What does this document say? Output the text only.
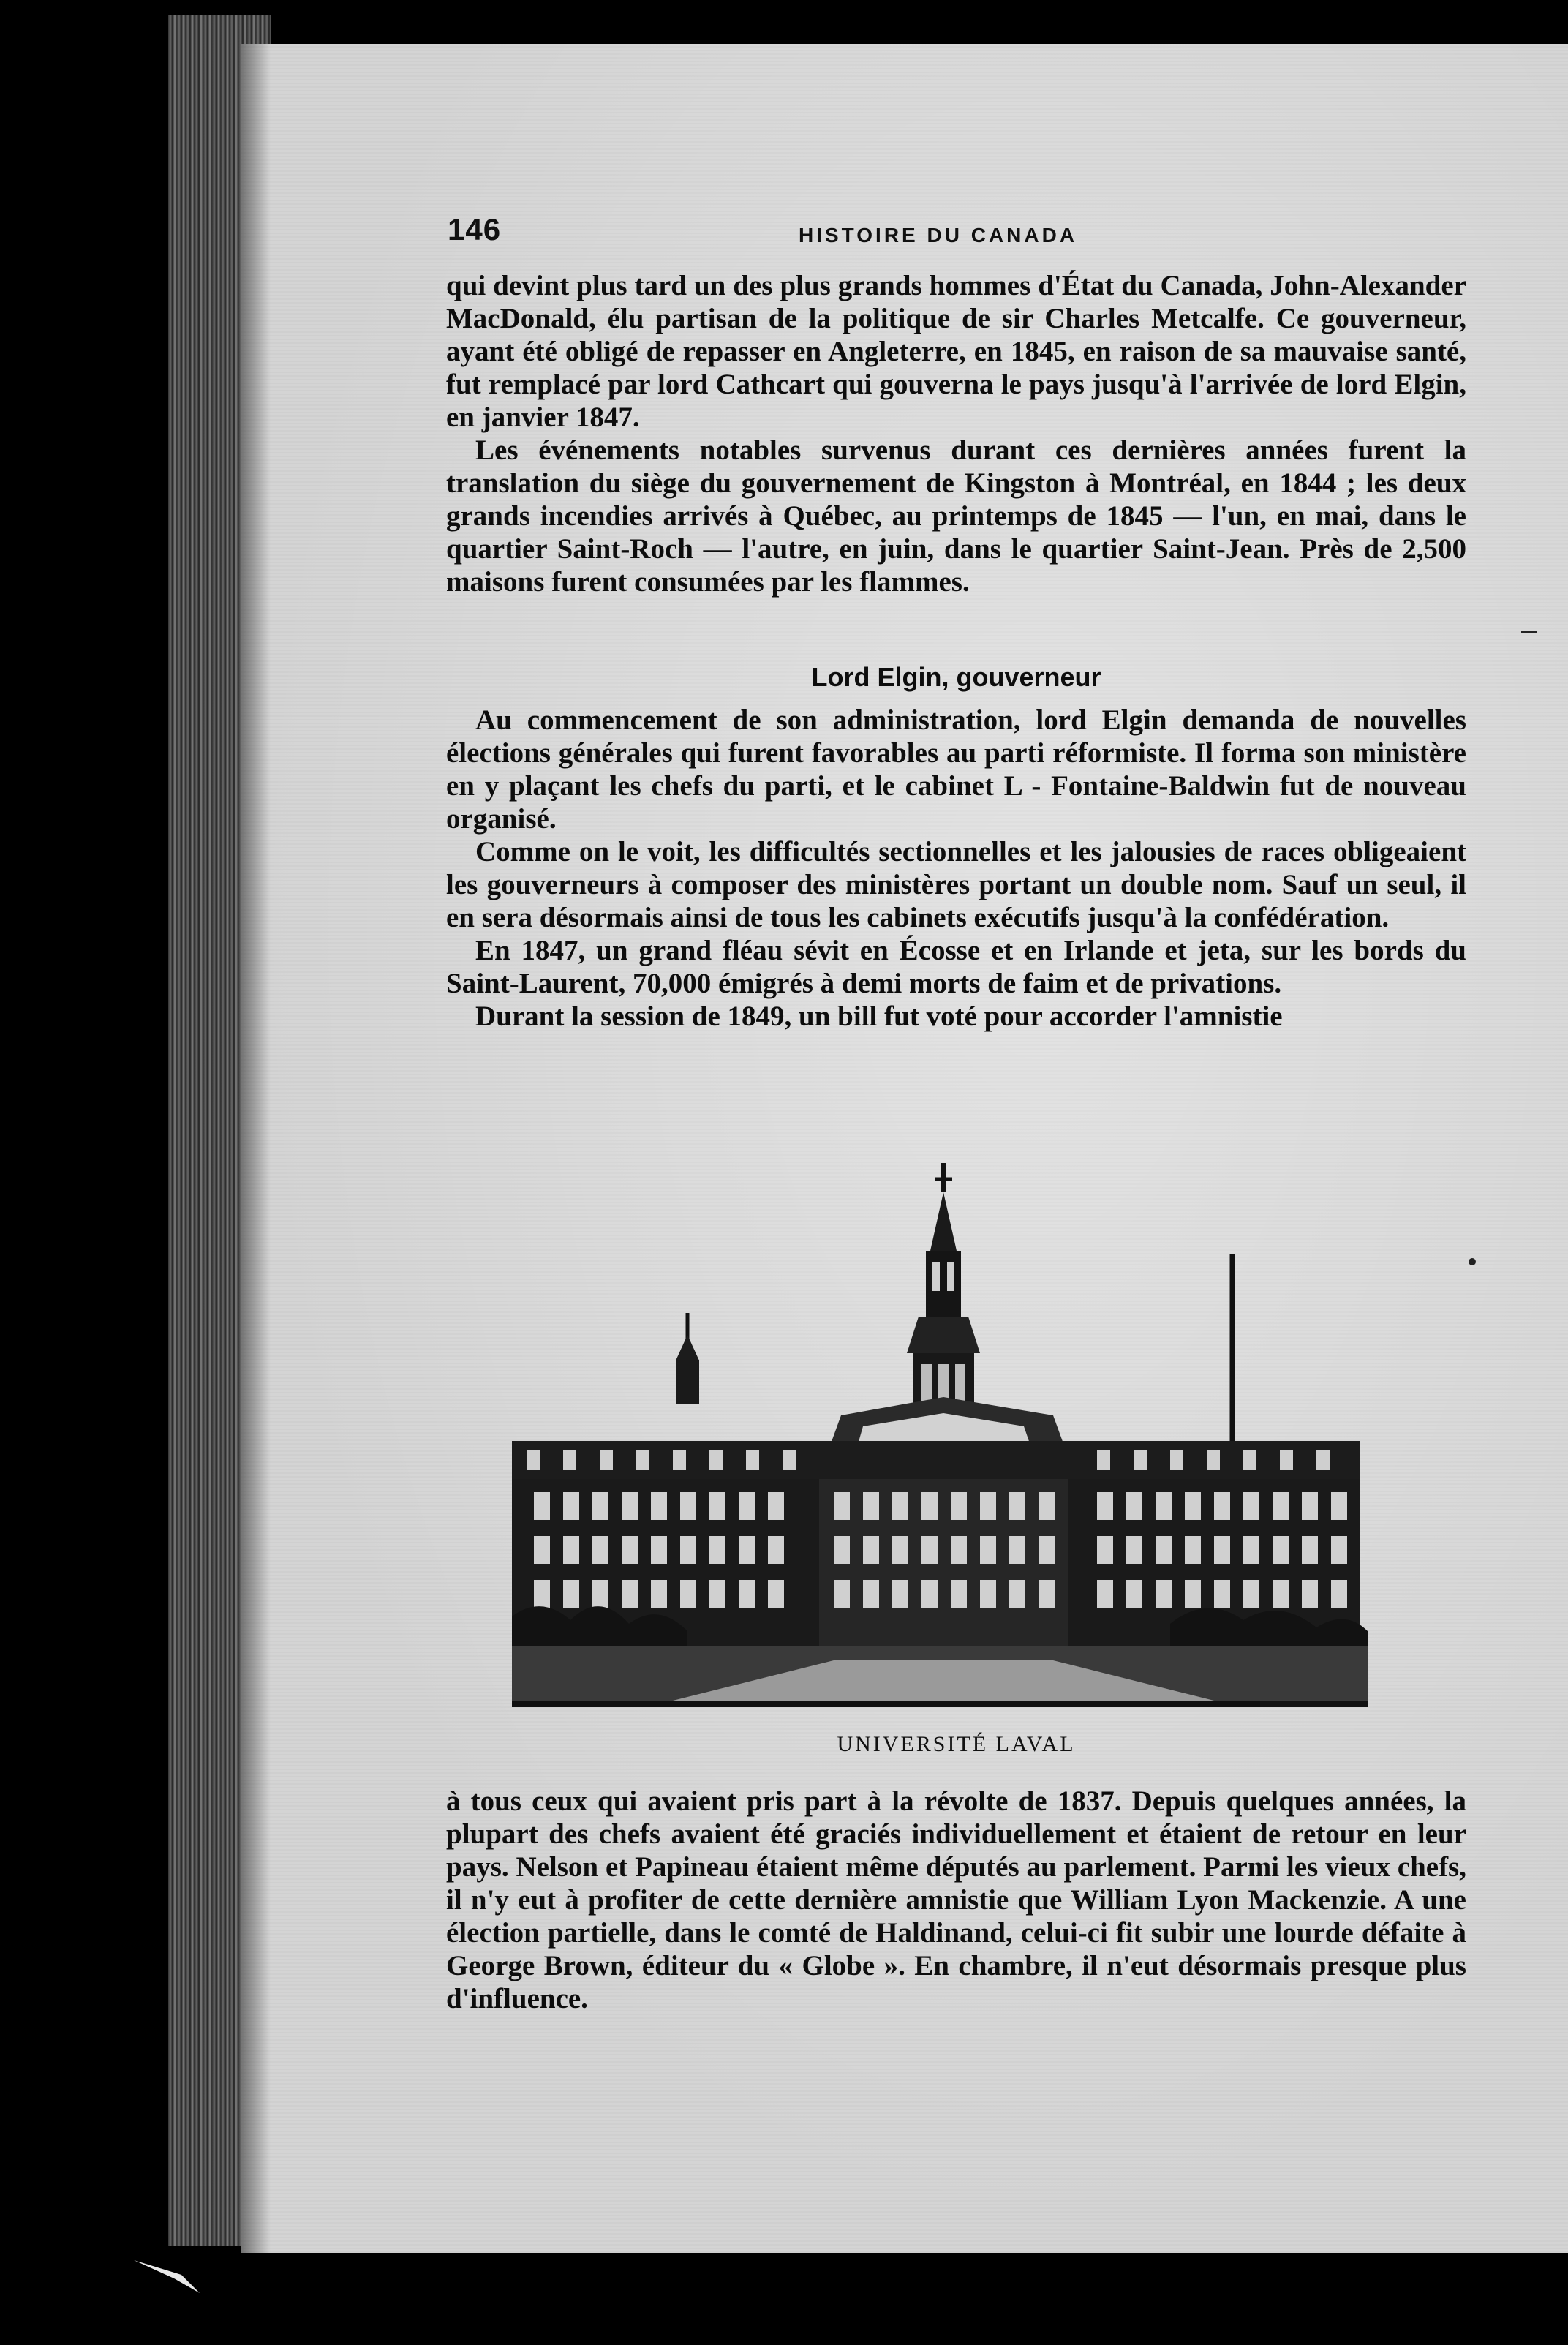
146	HISTOIRE DU CANADA

qui devint plus tard un des plus grands hommes d'État du Canada, John-Alexander MacDonald, élu partisan de la politique de sir Charles Metcalfe. Ce gouverneur, ayant été obligé de repasser en Angleterre, en 1845, en raison de sa mauvaise santé, fut remplacé par lord Cathcart qui gouverna le pays jusqu'à l'arrivée de lord Elgin, en janvier 1847.

Les événements notables survenus durant ces dernières années furent la translation du siège du gouvernement de Kingston à Montréal, en 1844 ; les deux grands incendies arrivés à Québec, au printemps de 1845 — l'un, en mai, dans le quartier Saint-Roch — l'autre, en juin, dans le quartier Saint-Jean. Près de 2,500 maisons furent consumées par les flammes.

Lord Elgin, gouverneur

Au commencement de son administration, lord Elgin demanda de nouvelles élections générales qui furent favorables au parti réformiste. Il forma son ministère en y plaçant les chefs du parti, et le cabinet L - Fontaine-Baldwin fut de nouveau organisé.

Comme on le voit, les difficultés sectionnelles et les jalousies de races obligeaient les gouverneurs à composer des ministères portant un double nom. Sauf un seul, il en sera désormais ainsi de tous les cabinets exécutifs jusqu'à la confédération.

En 1847, un grand fléau sévit en Écosse et en Irlande et jeta, sur les bords du Saint-Laurent, 70,000 émigrés à demi morts de faim et de privations.

Durant la session de 1849, un bill fut voté pour accorder l'amnistie

UNIVERSITÉ LAVAL

à tous ceux qui avaient pris part à la révolte de 1837. Depuis quelques années, la plupart des chefs avaient été graciés individuellement et étaient de retour en leur pays. Nelson et Papineau étaient même députés au parlement. Parmi les vieux chefs, il n'y eut à profiter de cette dernière amnistie que William Lyon Mackenzie. A une élection partielle, dans le comté de Haldinand, celui-ci fit subir une lourde défaite à George Brown, éditeur du « Globe ». En chambre, il n'eut désormais presque plus d'influence.
